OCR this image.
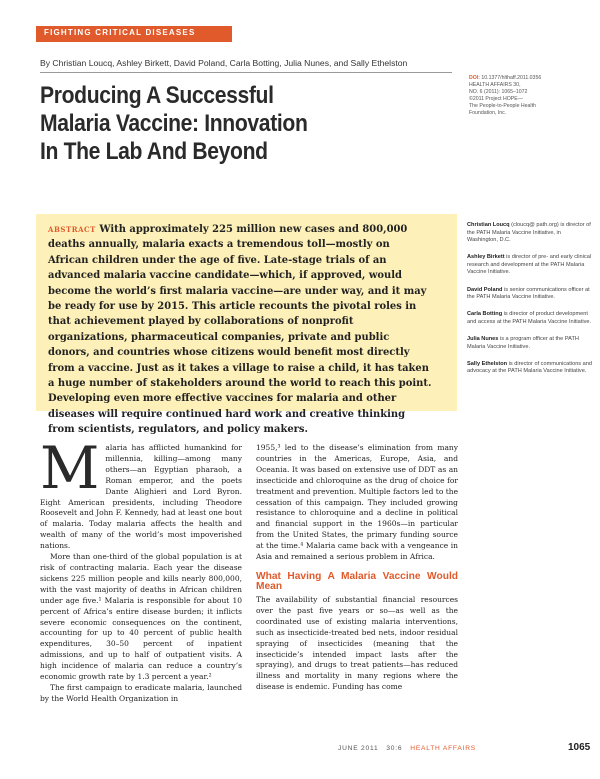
FIGHTING CRITICAL DISEASES
By Christian Loucq, Ashley Birkett, David Poland, Carla Botting, Julia Nunes, and Sally Ethelston
Producing A Successful
Malaria Vaccine: Innovation
In The Lab And Beyond
DOI: 10.1377/hlthaff.2011.0356
HEALTH AFFAIRS 30,
NO. 6 (2011): 1065–1072
©2011 Project HOPE—
The People-to-People Health
Foundation, Inc.
ABSTRACT With approximately 225 million new cases and 800,000 deaths annually, malaria exacts a tremendous toll—mostly on African children under the age of five. Late-stage trials of an advanced malaria vaccine candidate—which, if approved, would become the world’s first malaria vaccine—are under way, and it may be ready for use by 2015. This article recounts the pivotal roles in that achievement played by collaborations of nonprofit organizations, pharmaceutical companies, private and public donors, and countries whose citizens would benefit most directly from a vaccine. Just as it takes a village to raise a child, it has taken a huge number of stakeholders around the world to reach this point. Developing even more effective vaccines for malaria and other diseases will require continued hard work and creative thinking from scientists, regulators, and policy makers.
Christian Loucq (cloucq@ path.org) is director of the PATH Malaria Vaccine Initiative, in Washington, D.C.
Ashley Birkett is director of pre- and early clinical research and development at the PATH Malaria Vaccine Initiative.
David Poland is senior communications officer at the PATH Malaria Vaccine Initiative.
Carla Botting is director of product development and access at the PATH Malaria Vaccine Initiative.
Julia Nunes is a program officer at the PATH Malaria Vaccine Initiative.
Sally Ethelston is director of communications and advocacy at the PATH Malaria Vaccine Initiative.
M alaria has afflicted humankind for millennia, killing—among many others—an Egyptian pharaoh, a Roman emperor, and the poets Dante Alighieri and Lord Byron. Eight American presidents, including Theodore Roosevelt and John F. Kennedy, had at least one bout of malaria. Today malaria affects the health and wealth of many of the world’s most impoverished nations.

More than one-third of the global population is at risk of contracting malaria. Each year the disease sickens 225 million people and kills nearly 800,000, with the vast majority of deaths in African children under age five.¹ Malaria is responsible for about 10 percent of Africa’s entire disease burden; it inflicts severe economic consequences on the continent, accounting for up to 40 percent of public health expenditures, 30–50 percent of inpatient admissions, and up to half of outpatient visits. A high incidence of malaria can reduce a country’s economic growth rate by 1.3 percent a year.²

The first campaign to eradicate malaria, launched by the World Health Organization in

1955,³ led to the disease’s elimination from many countries in the Americas, Europe, Asia, and Oceania. It was based on extensive use of DDT as an insecticide and chloroquine as the drug of choice for treatment and prevention. Multiple factors led to the cessation of this campaign. They included growing resistance to chloroquine and a decline in political and financial support in the 1960s—in particular from the United States, the primary funding source at the time.⁴ Malaria came back with a vengeance in Asia and remained a serious problem in Africa.

What Having A Malaria Vaccine Would Mean

The availability of substantial financial resources over the past five years or so—as well as the coordinated use of existing malaria interventions, such as insecticide-treated bed nets, indoor residual spraying of insecticides (meaning that the insecticide’s intended impact lasts after the spraying), and drugs to treat patients—has reduced illness and mortality in many regions where the disease is endemic. Funding has come

JUNE 2011 30:6 HEALTH AFFAIRS	1065
